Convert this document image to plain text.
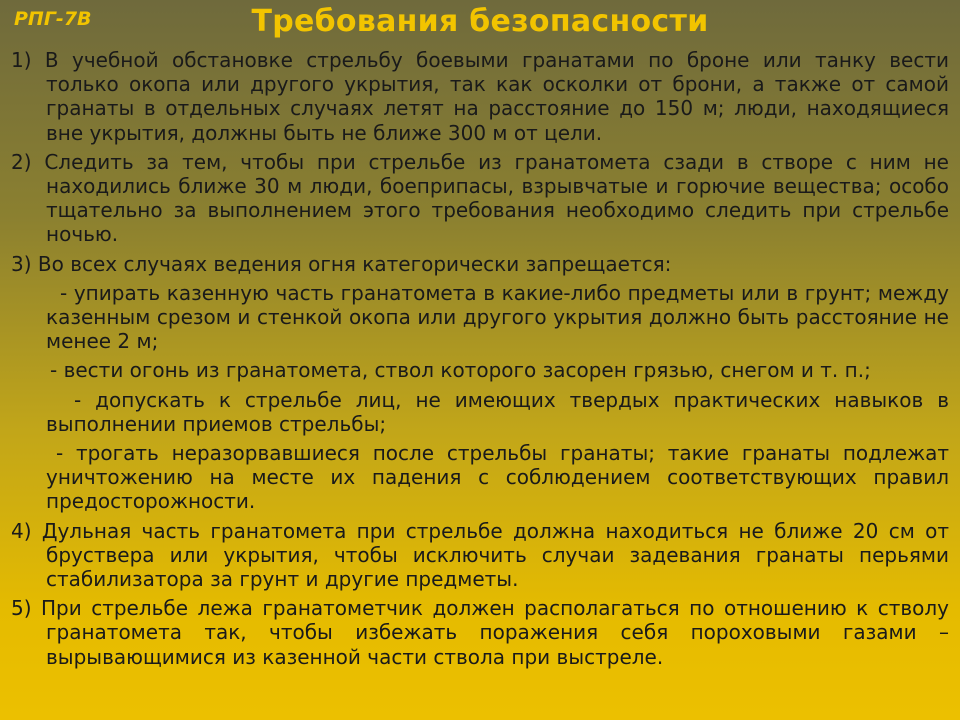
РПГ-7В	Требования безопасности
1) В учебной обстановке стрельбу боевыми гранатами по броне или танку вести только окопа или другого укрытия, так как осколки от брони, а также от самой гранаты в отдельных случаях летят на расстояние до 150 м; люди, находящиеся вне укрытия, должны быть не ближе 300 м от цели.
2) Следить за тем, чтобы при стрельбе из гранатомета сзади в створе с ним не находились ближе 30 м люди, боеприпасы, взрывчатые и горючие вещества; особо тщательно за выполнением этого требования необходимо следить при стрельбе ночью.
3) Во всех случаях ведения огня категорически запрещается:
- упирать казенную часть гранатомета в какие-либо предметы или в грунт; между казенным срезом и стенкой окопа или другого укрытия должно быть расстояние не менее 2 м;
- вести огонь из гранатомета, ствол которого засорен грязью, снегом и т. п.;
- допускать к стрельбе лиц, не имеющих твердых практических навыков в выполнении приемов стрельбы;
- трогать неразорвавшиеся после стрельбы гранаты; такие гранаты подлежат уничтожению на месте их падения с соблюдением соответствующих правил предосторожности.
4) Дульная часть гранатомета при стрельбе должна находиться не ближе 20 см от бруствера или укрытия, чтобы исключить случаи задевания гранаты перьями стабилизатора за грунт и другие предметы.
5) При стрельбе лежа гранатометчик должен располагаться по отношению к стволу гранатомета так, чтобы избежать поражения себя пороховыми газами – вырывающимися из казенной части ствола при выстреле.
